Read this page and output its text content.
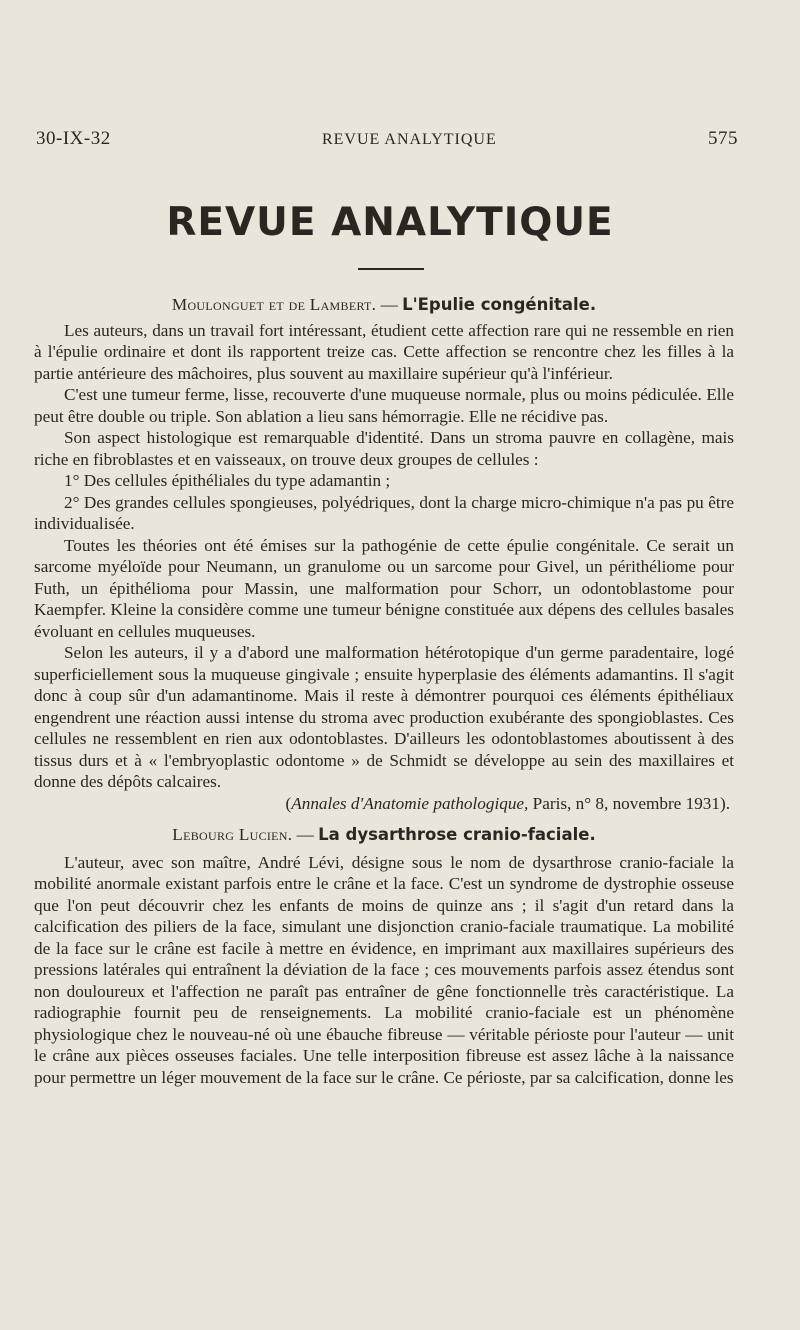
30-IX-32	REVUE ANALYTIQUE	575
REVUE ANALYTIQUE

Moulonguet et de Lambert. — L'Epulie congénitale.

Les auteurs, dans un travail fort intéressant, étudient cette affection rare qui ne ressemble en rien à l'épulie ordinaire et dont ils rapportent treize cas. Cette affection se rencontre chez les filles à la partie antérieure des mâchoires, plus souvent au maxillaire supérieur qu'à l'inférieur.

C'est une tumeur ferme, lisse, recouverte d'une muqueuse normale, plus ou moins pédiculée. Elle peut être double ou triple. Son ablation a lieu sans hémorragie. Elle ne récidive pas.

Son aspect histologique est remarquable d'identité. Dans un stroma pauvre en collagène, mais riche en fibroblastes et en vaisseaux, on trouve deux groupes de cellules :

1° Des cellules épithéliales du type adamantin ;

2° Des grandes cellules spongieuses, polyédriques, dont la charge micro-chimique n'a pas pu être individualisée.

Toutes les théories ont été émises sur la pathogénie de cette épulie congénitale. Ce serait un sarcome myéloïde pour Neumann, un granulome ou un sarcome pour Givel, un périthéliome pour Futh, un épithélioma pour Massin, une malformation pour Schorr, un odontoblastome pour Kaempfer. Kleine la considère comme une tumeur bénigne constituée aux dépens des cellules basales évoluant en cellules muqueuses.

Selon les auteurs, il y a d'abord une malformation hétérotopique d'un germe paradentaire, logé superficiellement sous la muqueuse gingivale ; ensuite hyperplasie des éléments adamantins. Il s'agit donc à coup sûr d'un adamantinome. Mais il reste à démontrer pourquoi ces éléments épithéliaux engendrent une réaction aussi intense du stroma avec production exubérante des spongioblastes. Ces cellules ne ressemblent en rien aux odontoblastes. D'ailleurs les odontoblastomes aboutissent à des tissus durs et à « l'embryoplastic odontome » de Schmidt se développe au sein des maxillaires et donne des dépôts calcaires.

(Annales d'Anatomie pathologique, Paris, n° 8, novembre 1931).

Lebourg Lucien. — La dysarthrose cranio-faciale.

L'auteur, avec son maître, André Lévi, désigne sous le nom de dysarthrose cranio-faciale la mobilité anormale existant parfois entre le crâne et la face. C'est un syndrome de dystrophie osseuse que l'on peut découvrir chez les enfants de moins de quinze ans ; il s'agit d'un retard dans la calcification des piliers de la face, simulant une disjonction cranio-faciale traumatique. La mobilité de la face sur le crâne est facile à mettre en évidence, en imprimant aux maxillaires supérieurs des pressions latérales qui entraînent la déviation de la face ; ces mouvements parfois assez étendus sont non douloureux et l'affection ne paraît pas entraîner de gêne fonctionnelle très caractéristique. La radiographie fournit peu de renseignements. La mobilité cranio-faciale est un phénomène physiologique chez le nouveau-né où une ébauche fibreuse — véritable périoste pour l'auteur — unit le crâne aux pièces osseuses faciales. Une telle interposition fibreuse est assez lâche à la naissance pour permettre un léger mouvement de la face sur le crâne. Ce périoste, par sa calcification, donne les
